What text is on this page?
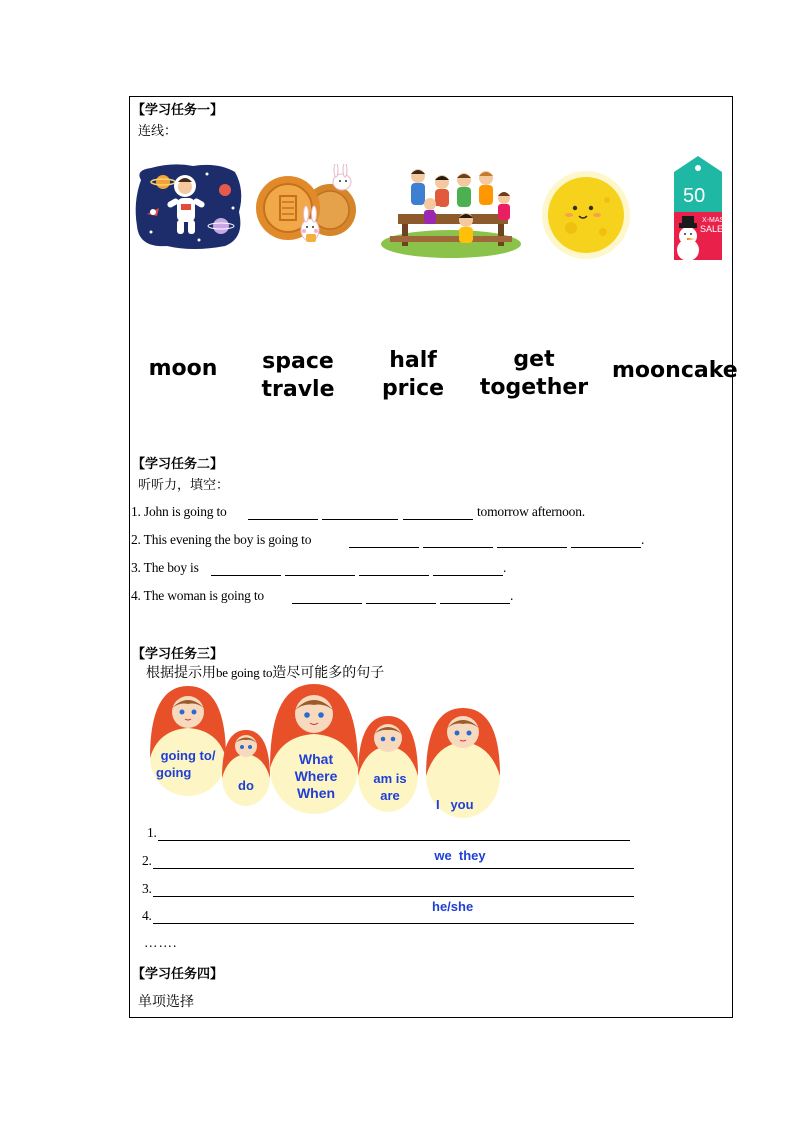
【学习任务一】
连线：
50
X-MAS
SALE
moon	space
travle
half
price
get
together
mooncake
【学习任务二】
听听力，填空：
1. John is going to	tomorrow afternoon.
2. This evening the boy is going to	.
3. The boy is	.
4. The woman is going to	.
【学习任务三】
根据提示用be going to造尽可能多的句子
going to/
going
do
What
Where
When
am is
are

I   you

we  they

he/she

1.
2.
3.
4.
…….
【学习任务四】
单项选择
